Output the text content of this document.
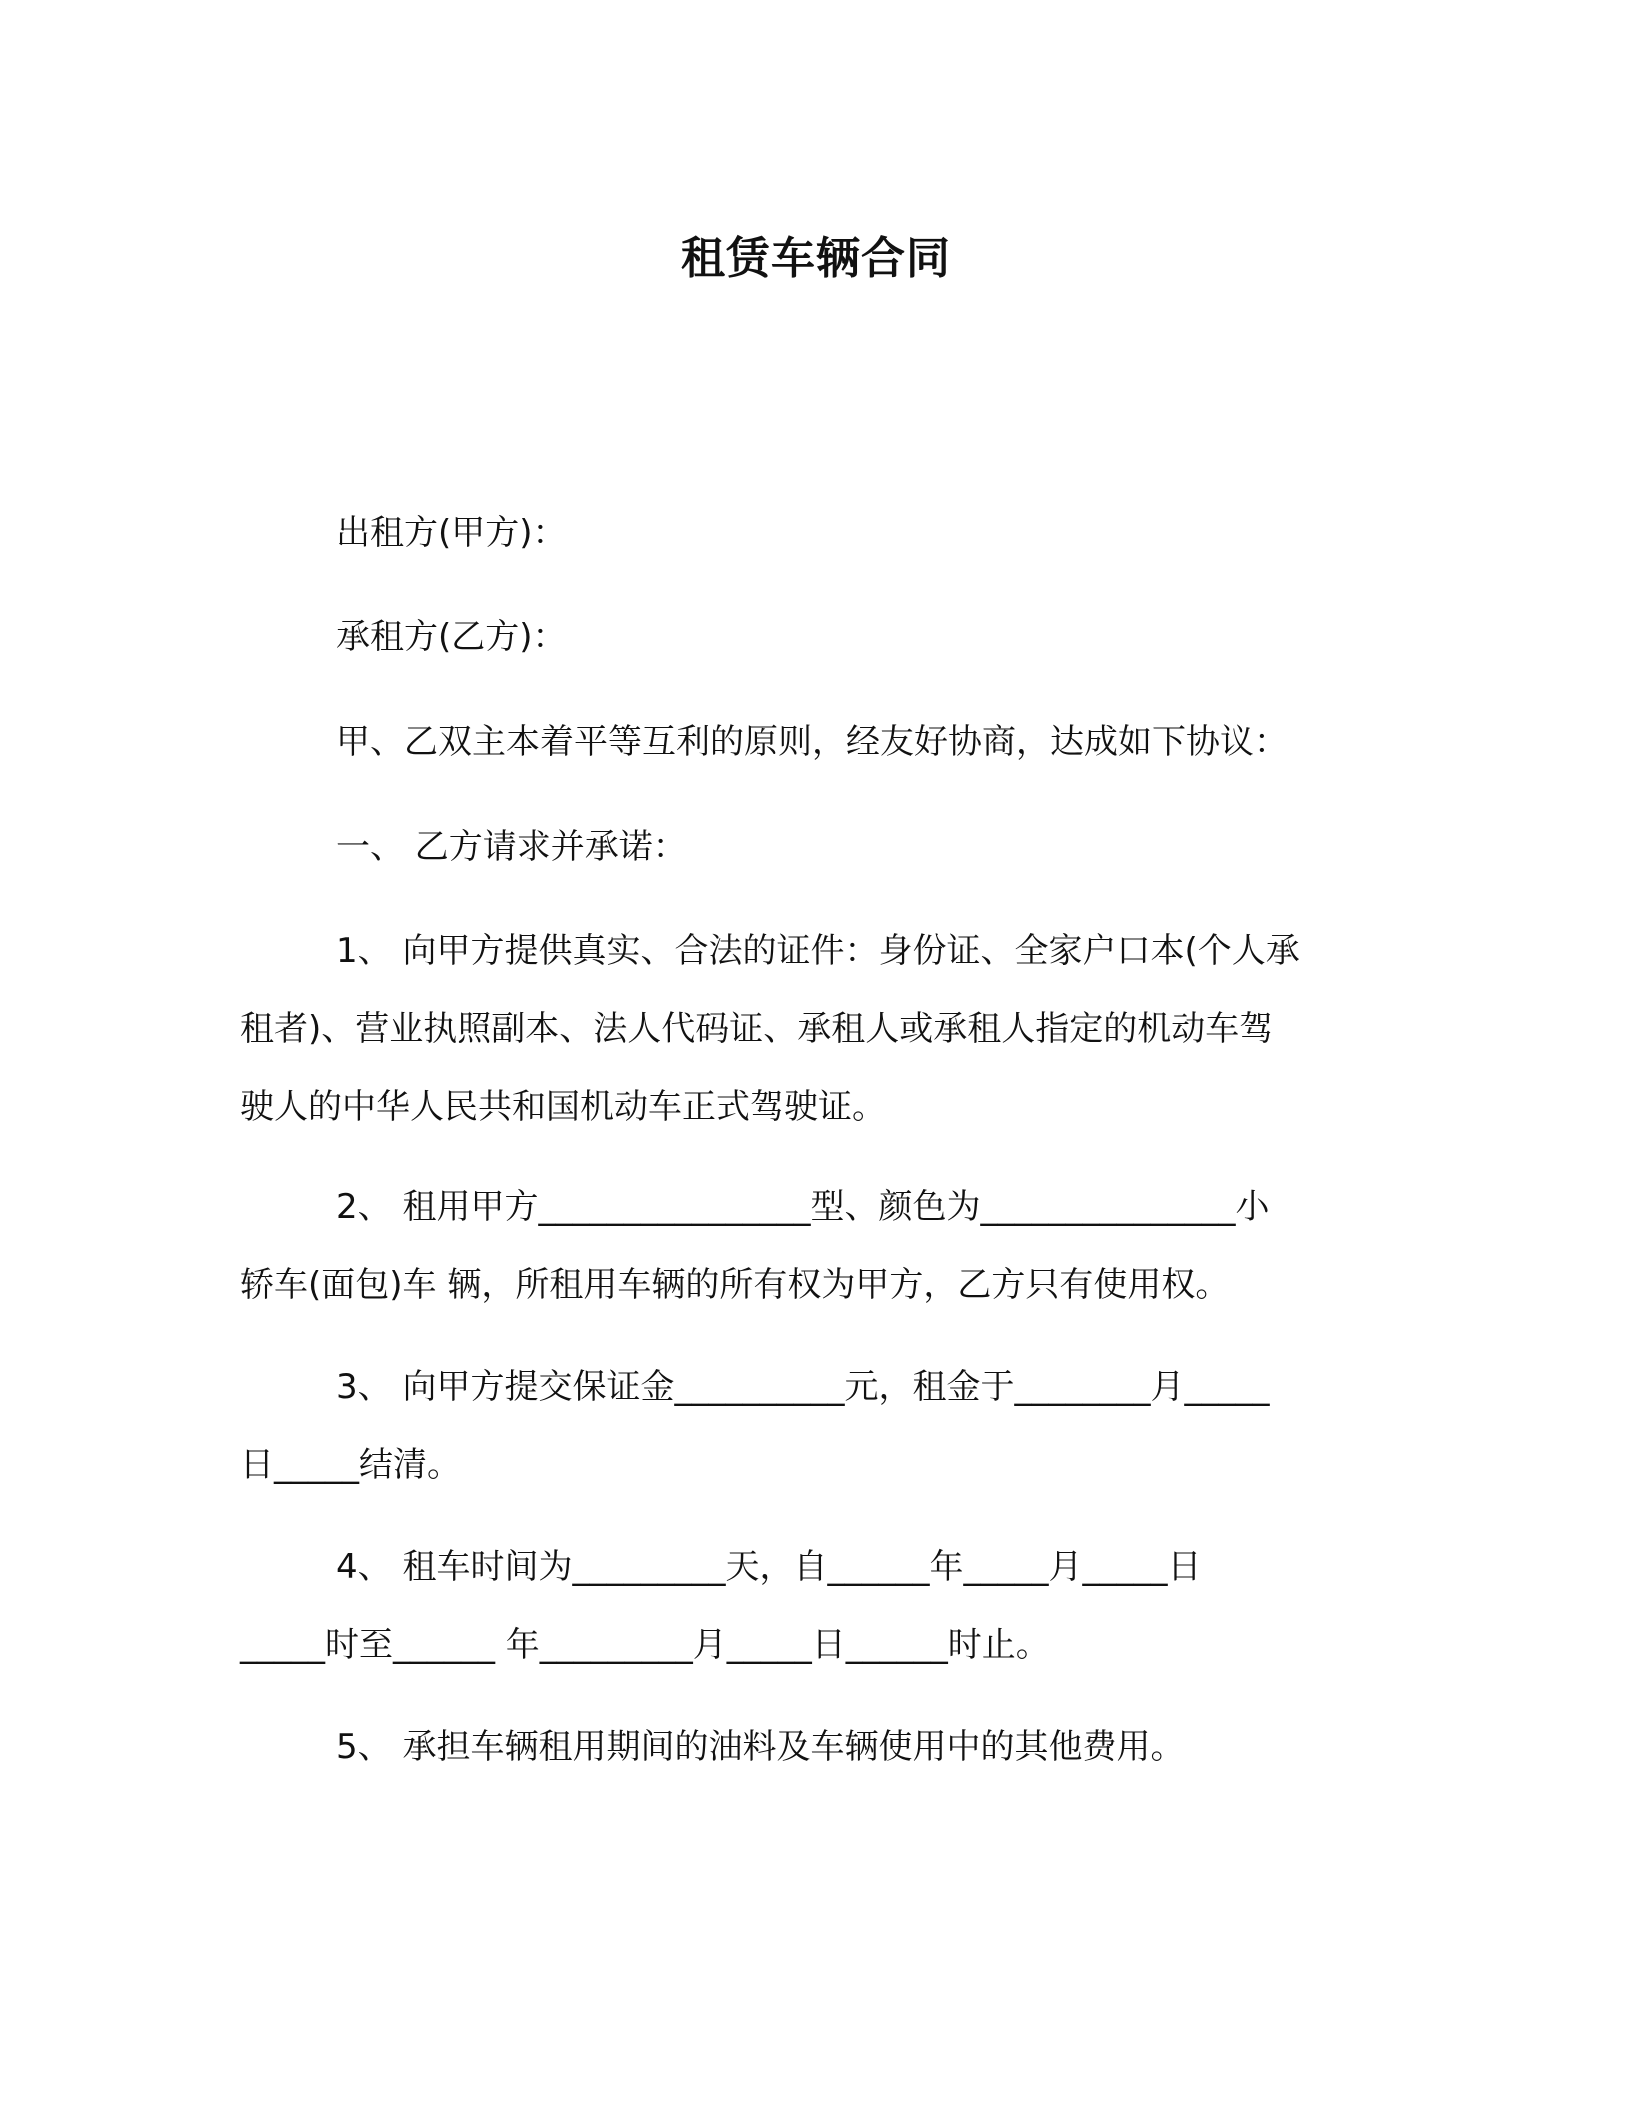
租赁车辆合同
出租方(甲方)：
承租方(乙方)：
甲、乙双主本着平等互利的原则，经友好协商，达成如下协议：
一、 乙方请求并承诺：
1、 向甲方提供真实、合法的证件：身份证、全家户口本(个人承
租者)、营业执照副本、法人代码证、承租人或承租人指定的机动车驾
驶人的中华人民共和国机动车正式驾驶证。
2、 租用甲方________________型、颜色为_______________小
轿车(面包)车 辆，所租用车辆的所有权为甲方，乙方只有使用权。
3、 向甲方提交保证金__________元，租金于________月_____
日_____结清。
4、 租车时间为_________天，自______年_____月_____日
_____时至______ 年_________月_____日______时止。
5、 承担车辆租用期间的油料及车辆使用中的其他费用。
